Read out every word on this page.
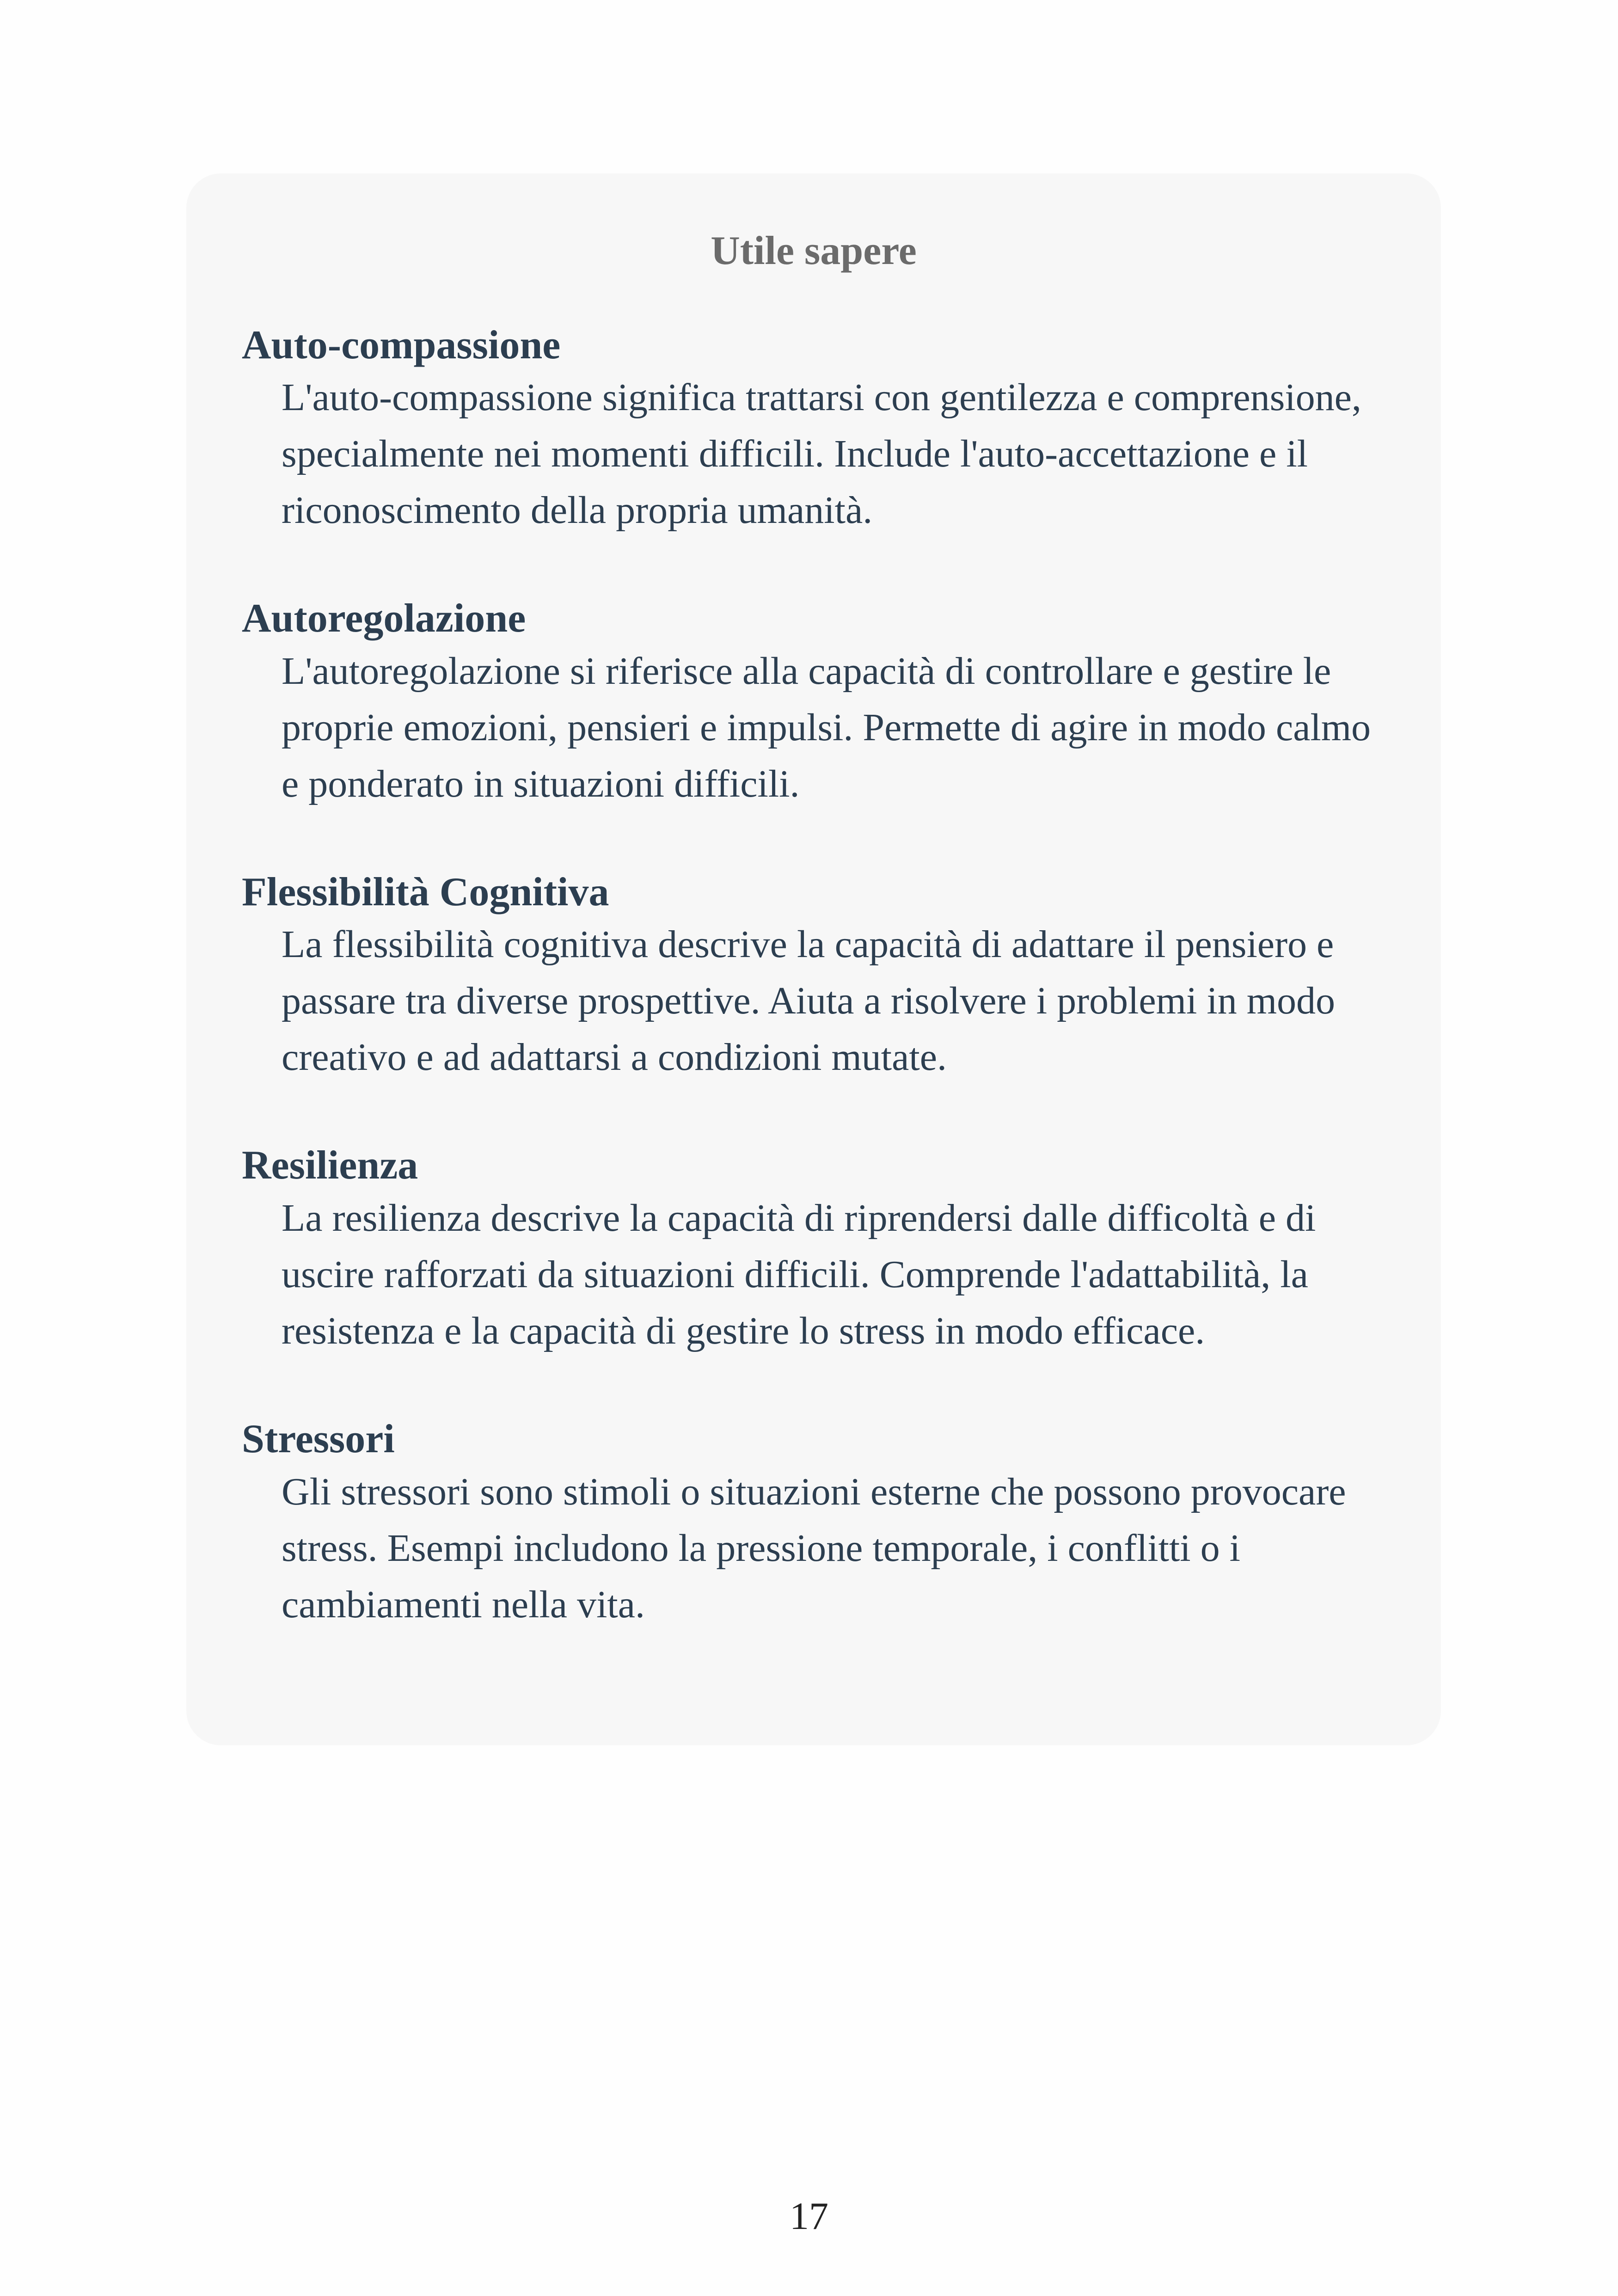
Utile sapere

Auto-compassione

L'auto-compassione significa trattarsi con gentilezza e comprensione, specialmente nei momenti difficili. Include l'auto-accettazione e il riconoscimento della propria umanità.

Autoregolazione

L'autoregolazione si riferisce alla capacità di controllare e gestire le proprie emozioni, pensieri e impulsi. Permette di agire in modo calmo e ponderato in situazioni difficili.

Flessibilità Cognitiva

La flessibilità cognitiva descrive la capacità di adattare il pensiero e passare tra diverse prospettive. Aiuta a risolvere i problemi in modo creativo e ad adattarsi a condizioni mutate.

Resilienza

La resilienza descrive la capacità di riprendersi dalle difficoltà e di uscire rafforzati da situazioni difficili. Comprende l'adattabilità, la resistenza e la capacità di gestire lo stress in modo efficace.

Stressori

Gli stressori sono stimoli o situazioni esterne che possono provocare stress. Esempi includono la pressione temporale, i conflitti o i cambiamenti nella vita.

17
